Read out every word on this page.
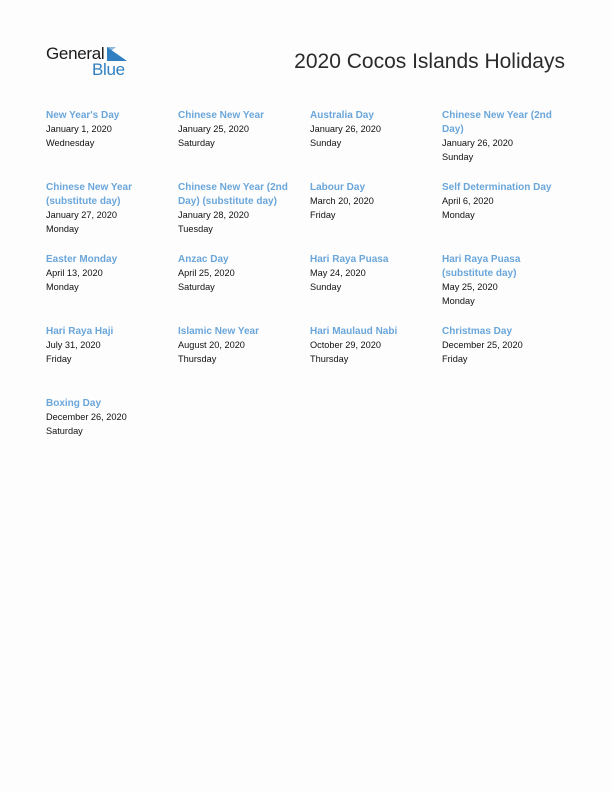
General
Blue	2020 Cocos Islands Holidays
New Year's Day
January 1, 2020
Wednesday
Chinese New Year
January 25, 2020
Saturday
Australia Day
January 26, 2020
Sunday
Chinese New Year (2nd Day)
January 26, 2020
Sunday
Chinese New Year (substitute day)
January 27, 2020
Monday
Chinese New Year (2nd Day) (substitute day)
January 28, 2020
Tuesday
Labour Day
March 20, 2020
Friday
Self Determination Day
April 6, 2020
Monday
Easter Monday
April 13, 2020
Monday
Anzac Day
April 25, 2020
Saturday
Hari Raya Puasa
May 24, 2020
Sunday
Hari Raya Puasa (substitute day)
May 25, 2020
Monday
Hari Raya Haji
July 31, 2020
Friday
Islamic New Year
August 20, 2020
Thursday
Hari Maulaud Nabi
October 29, 2020
Thursday
Christmas Day
December 25, 2020
Friday
Boxing Day
December 26, 2020
Saturday
